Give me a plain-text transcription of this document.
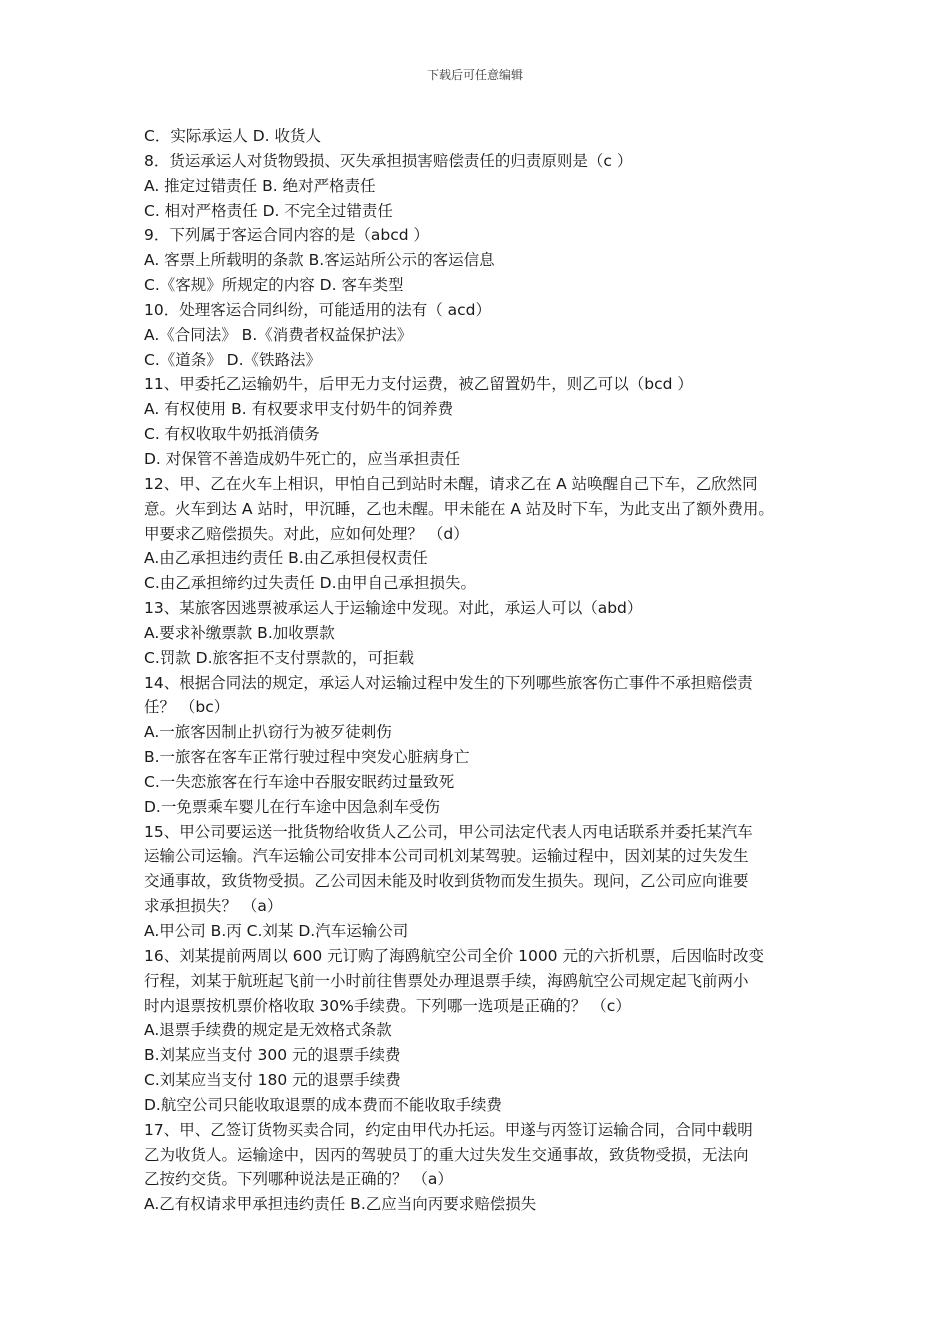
下载后可任意编辑
C．实际承运人 D. 收货人
8．货运承运人对货物毁损、灭失承担损害赔偿责任的归责原则是（c ）
A. 推定过错责任 B. 绝对严格责任
C. 相对严格责任 D. 不完全过错责任
9．下列属于客运合同内容的是（abcd ）
A. 客票上所载明的条款 B.客运站所公示的客运信息
C.《客规》所规定的内容 D. 客车类型
10．处理客运合同纠纷，可能适用的法有（ acd）
A.《合同法》 B.《消费者权益保护法》
C.《道条》 D.《铁路法》
11、甲委托乙运输奶牛，后甲无力支付运费，被乙留置奶牛，则乙可以（bcd ）
A. 有权使用 B. 有权要求甲支付奶牛的饲养费
C. 有权收取牛奶抵消债务
D. 对保管不善造成奶牛死亡的，应当承担责任
12、甲、乙在火车上相识，甲怕自己到站时未醒，请求乙在 A 站唤醒自己下车，乙欣然同
意。火车到达 A 站时，甲沉睡，乙也未醒。甲未能在 A 站及时下车，为此支出了额外费用。
甲要求乙赔偿损失。对此，应如何处理？ （d）
A.由乙承担违约责任 B.由乙承担侵权责任
C.由乙承担缔约过失责任 D.由甲自己承担损失。
13、某旅客因逃票被承运人于运输途中发现。对此，承运人可以（abd）
A.要求补缴票款 B.加收票款
C.罚款 D.旅客拒不支付票款的，可拒载
14、根据合同法的规定，承运人对运输过程中发生的下列哪些旅客伤亡事件不承担赔偿责
任？ （bc）
A.一旅客因制止扒窃行为被歹徒刺伤
B.一旅客在客车正常行驶过程中突发心脏病身亡
C.一失恋旅客在行车途中吞服安眠药过量致死
D.一免票乘车婴儿在行车途中因急刹车受伤
15、甲公司要运送一批货物给收货人乙公司，甲公司法定代表人丙电话联系并委托某汽车
运输公司运输。汽车运输公司安排本公司司机刘某驾驶。运输过程中，因刘某的过失发生
交通事故，致货物受损。乙公司因未能及时收到货物而发生损失。现问，乙公司应向谁要
求承担损失？ （a）
A.甲公司 B.丙 C.刘某 D.汽车运输公司
16、刘某提前两周以 600 元订购了海鸥航空公司全价 1000 元的六折机票，后因临时改变
行程，刘某于航班起飞前一小时前往售票处办理退票手续，海鸥航空公司规定起飞前两小
时内退票按机票价格收取 30%手续费。下列哪一选项是正确的？ （c）
A.退票手续费的规定是无效格式条款
B.刘某应当支付 300 元的退票手续费
C.刘某应当支付 180 元的退票手续费
D.航空公司只能收取退票的成本费而不能收取手续费
17、甲、乙签订货物买卖合同，约定由甲代办托运。甲遂与丙签订运输合同，合同中载明
乙为收货人。运输途中，因丙的驾驶员丁的重大过失发生交通事故，致货物受损，无法向
乙按约交货。下列哪种说法是正确的？ （a）
A.乙有权请求甲承担违约责任 B.乙应当向丙要求赔偿损失
